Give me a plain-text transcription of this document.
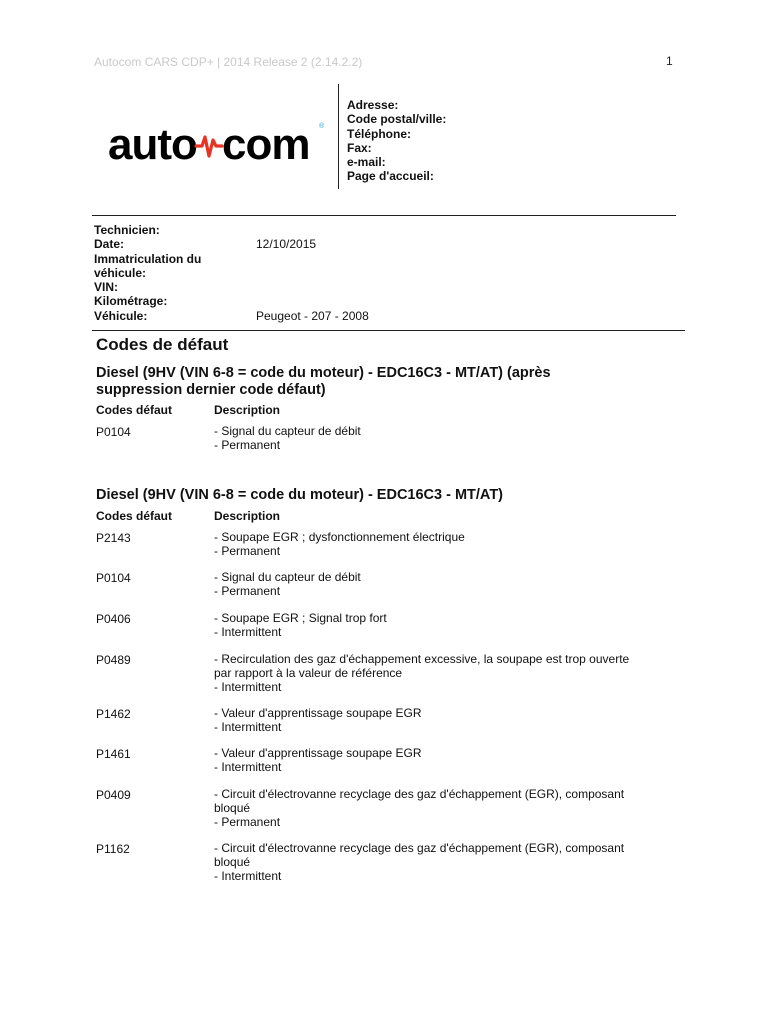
Autocom CARS CDP+ | 2014 Release 2 (2.14.2.2)	1
auto com ®
Adresse:
Code postal/ville:
Téléphone:
Fax:
e-mail:
Page d'accueil:
Technicien:
Date:	12/10/2015
Immatriculation du
véhicule:
VIN:
Kilométrage:
Véhicule:	Peugeot - 207 - 2008
Codes de défaut
Diesel (9HV (VIN 6-8 = code du moteur) - EDC16C3 - MT/AT) (après
suppression dernier code défaut)
Codes défaut	Description
P0104	- Signal du capteur de débit
- Permanent
Diesel (9HV (VIN 6-8 = code du moteur) - EDC16C3 - MT/AT)
Codes défaut	Description
P2143	- Soupape EGR ; dysfonctionnement électrique
- Permanent
P0104	- Signal du capteur de débit
- Permanent
P0406	- Soupape EGR ; Signal trop fort
- Intermittent
P0489	- Recirculation des gaz d'échappement excessive, la soupape est trop ouverte
par rapport à la valeur de référence
- Intermittent
P1462	- Valeur d'apprentissage soupape EGR
- Intermittent
P1461	- Valeur d'apprentissage soupape EGR
- Intermittent
P0409	- Circuit d'électrovanne recyclage des gaz d'échappement (EGR), composant
bloqué
- Permanent
P1162	- Circuit d'électrovanne recyclage des gaz d'échappement (EGR), composant
bloqué
- Intermittent
